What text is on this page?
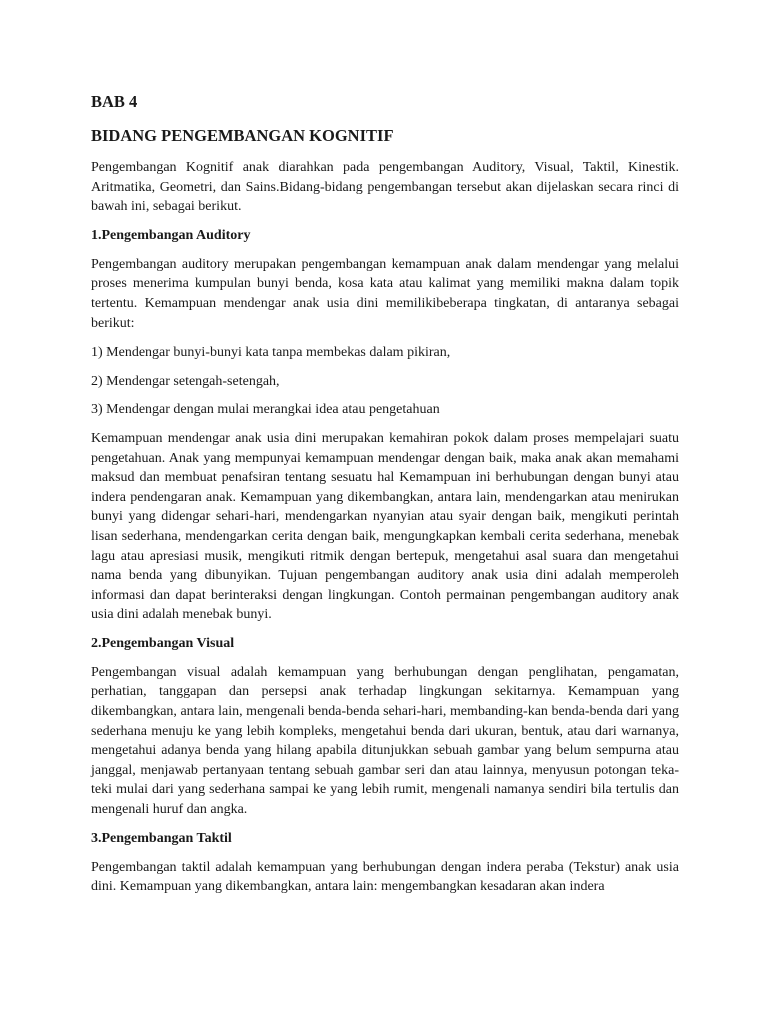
BAB 4
BIDANG PENGEMBANGAN KOGNITIF

Pengembangan Kognitif anak diarahkan pada pengembangan Auditory, Visual, Taktil, Kinestik. Aritmatika, Geometri, dan Sains.Bidang-bidang pengembangan tersebut akan dijelaskan secara rinci di bawah ini, sebagai berikut.

1.Pengembangan Auditory

Pengembangan auditory merupakan pengembangan kemampuan anak dalam mendengar yang melalui proses menerima kumpulan bunyi benda, kosa kata atau kalimat yang memiliki makna dalam topik tertentu. Kemampuan mendengar anak usia dini memilikibeberapa tingkatan, di antaranya sebagai berikut:

1) Mendengar bunyi-bunyi kata tanpa membekas dalam pikiran,

2) Mendengar setengah-setengah,

3) Mendengar dengan mulai merangkai idea atau pengetahuan

Kemampuan mendengar anak usia dini merupakan kemahiran pokok dalam proses mempelajari suatu pengetahuan. Anak yang mempunyai kemampuan mendengar dengan baik, maka anak akan memahami maksud dan membuat penafsiran tentang sesuatu hal Kemampuan ini berhubungan dengan bunyi atau indera pendengaran anak. Kemampuan yang dikembangkan, antara lain, mendengarkan atau menirukan bunyi yang didengar sehari-hari, mendengarkan nyanyian atau syair dengan baik, mengikuti perintah lisan sederhana, mendengarkan cerita dengan baik, mengungkapkan kembali cerita sederhana, menebak lagu atau apresiasi musik, mengikuti ritmik dengan bertepuk, mengetahui asal suara dan mengetahui nama benda yang dibunyikan. Tujuan pengembangan auditory anak usia dini adalah memperoleh informasi dan dapat berinteraksi dengan lingkungan. Contoh permainan pengembangan auditory anak usia dini adalah menebak bunyi.

2.Pengembangan Visual

Pengembangan visual adalah kemampuan yang berhubungan dengan penglihatan, pengamatan, perhatian, tanggapan dan persepsi anak terhadap lingkungan sekitarnya. Kemampuan yang dikembangkan, antara lain, mengenali benda-benda sehari-hari, membanding-kan benda-benda dari yang sederhana menuju ke yang lebih kompleks, mengetahui benda dari ukuran, bentuk, atau dari warnanya, mengetahui adanya benda yang hilang apabila ditunjukkan sebuah gambar yang belum sempurna atau janggal, menjawab pertanyaan tentang sebuah gambar seri dan atau lainnya, menyusun potongan teka-teki mulai dari yang sederhana sampai ke yang lebih rumit, mengenali namanya sendiri bila tertulis dan mengenali huruf dan angka.

3.Pengembangan Taktil

Pengembangan taktil adalah kemampuan yang berhubungan dengan indera peraba (Tekstur) anak usia dini. Kemampuan yang dikembangkan, antara lain: mengembangkan kesadaran akan indera
